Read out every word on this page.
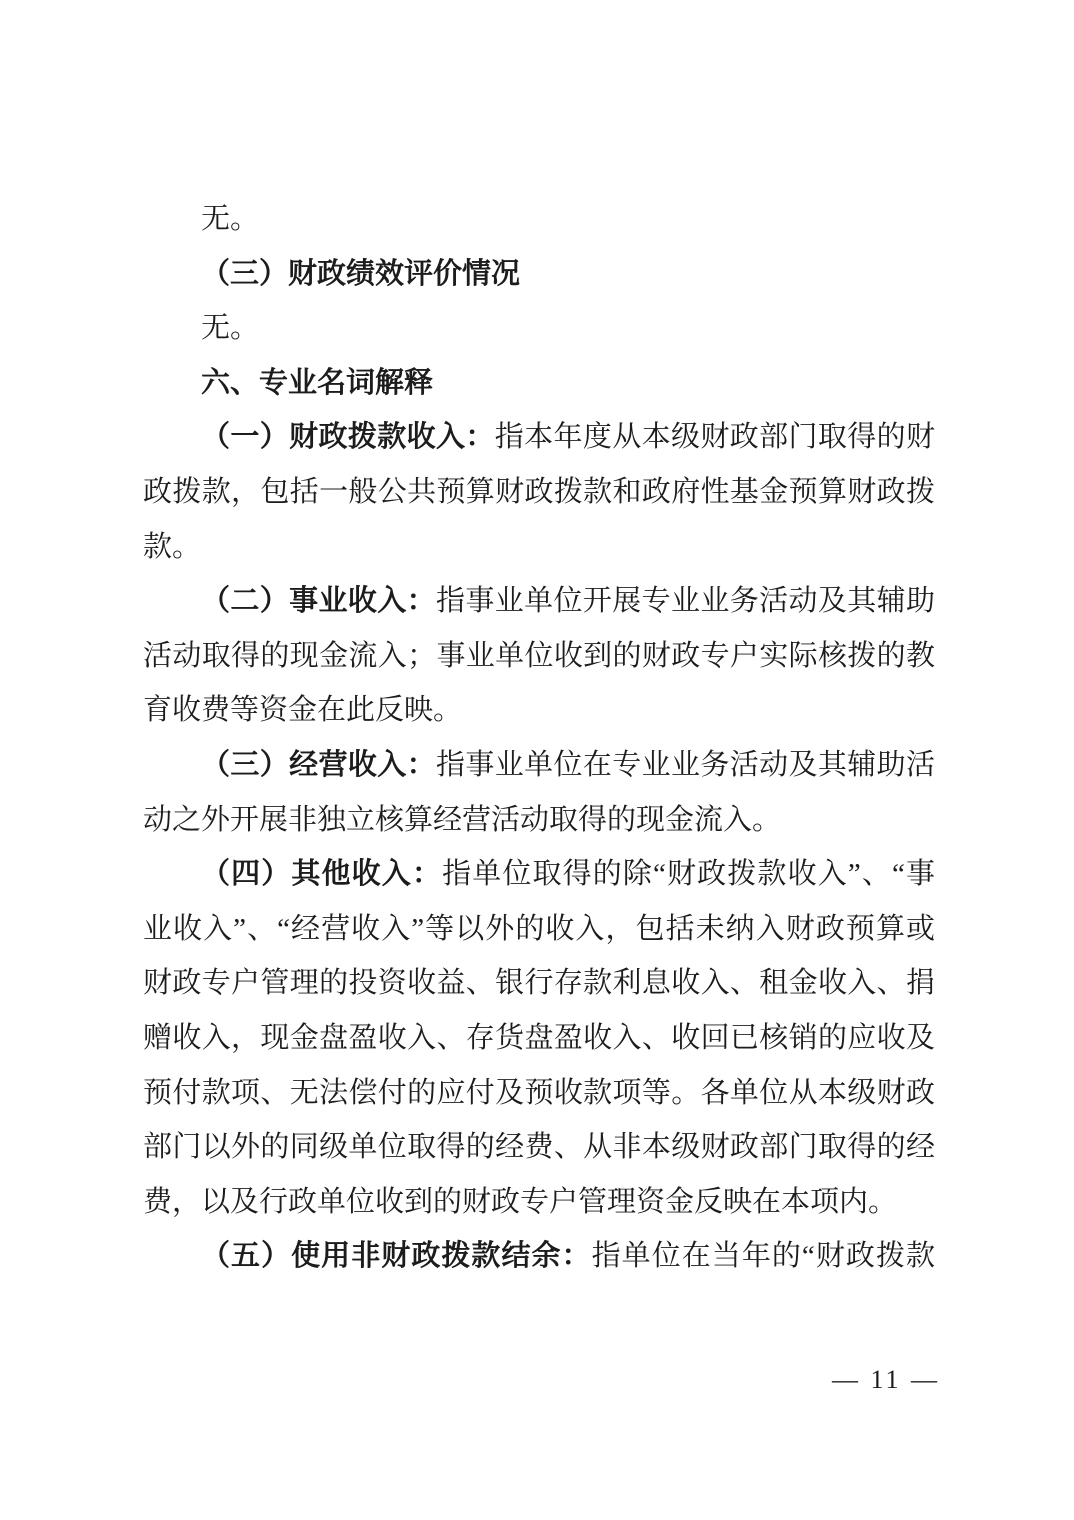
无。

（三）财政绩效评价情况

无。

六、专业名词解释

（一）财政拨款收入：指本年度从本级财政部门取得的财政拨款，包括一般公共预算财政拨款和政府性基金预算财政拨款。

（二）事业收入：指事业单位开展专业业务活动及其辅助活动取得的现金流入；事业单位收到的财政专户实际核拨的教育收费等资金在此反映。

（三）经营收入：指事业单位在专业业务活动及其辅助活动之外开展非独立核算经营活动取得的现金流入。

（四）其他收入：指单位取得的除“财政拨款收入”、“事业收入”、“经营收入”等以外的收入，包括未纳入财政预算或财政专户管理的投资收益、银行存款利息收入、租金收入、捐赠收入，现金盘盈收入、存货盘盈收入、收回已核销的应收及预付款项、无法偿付的应付及预收款项等。各单位从本级财政部门以外的同级单位取得的经费、从非本级财政部门取得的经费，以及行政单位收到的财政专户管理资金反映在本项内。

（五）使用非财政拨款结余：指单位在当年的“财政拨款

— 11 —
